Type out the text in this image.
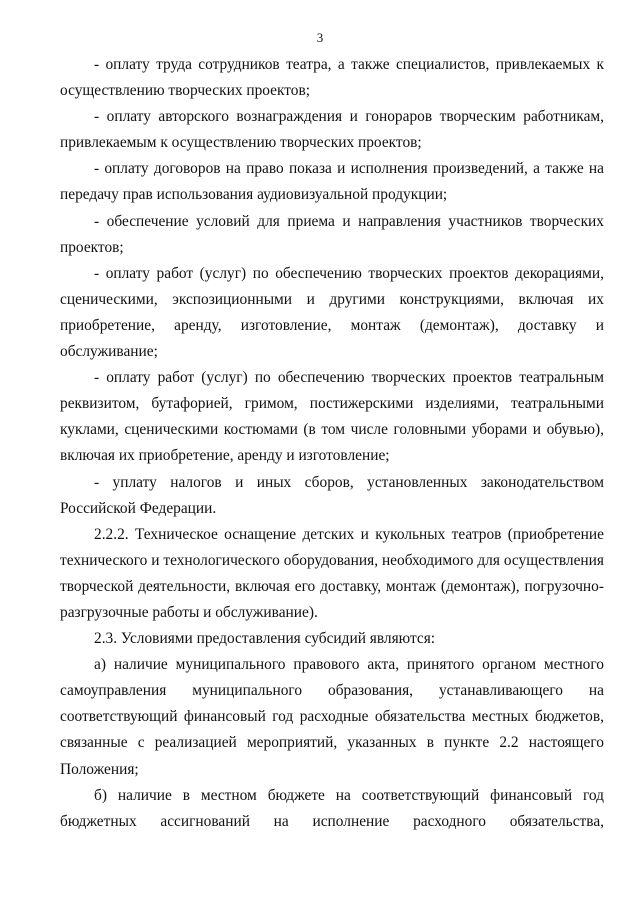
3

- оплату труда сотрудников театра, а также специалистов, привлекаемых к осуществлению творческих проектов;

- оплату авторского вознаграждения и гонораров творческим работникам, привлекаемым к осуществлению творческих проектов;

- оплату договоров на право показа и исполнения произведений, а также на передачу прав использования аудиовизуальной продукции;

- обеспечение условий для приема и направления участников творческих проектов;

- оплату работ (услуг) по обеспечению творческих проектов декорациями, сценическими, экспозиционными и другими конструкциями, включая их приобретение, аренду, изготовление, монтаж (демонтаж), доставку и обслуживание;

- оплату работ (услуг) по обеспечению творческих проектов театральным реквизитом, бутафорией, гримом, постижерскими изделиями, театральными куклами, сценическими костюмами (в том числе головными уборами и обувью), включая их приобретение, аренду и изготовление;

- уплату налогов и иных сборов, установленных законодательством Российской Федерации.

2.2.2. Техническое оснащение детских и кукольных театров (приобретение технического и технологического оборудования, необходимого для осуществления творческой деятельности, включая его доставку, монтаж (демонтаж), погрузочно-разгрузочные работы и обслуживание).

2.3. Условиями предоставления субсидий являются:

а) наличие муниципального правового акта, принятого органом местного самоуправления муниципального образования, устанавливающего на соответствующий финансовый год расходные обязательства местных бюджетов, связанные с реализацией мероприятий, указанных в пункте 2.2 настоящего Положения;

б) наличие в местном бюджете на соответствующий финансовый год бюджетных ассигнований на исполнение расходного обязательства,
